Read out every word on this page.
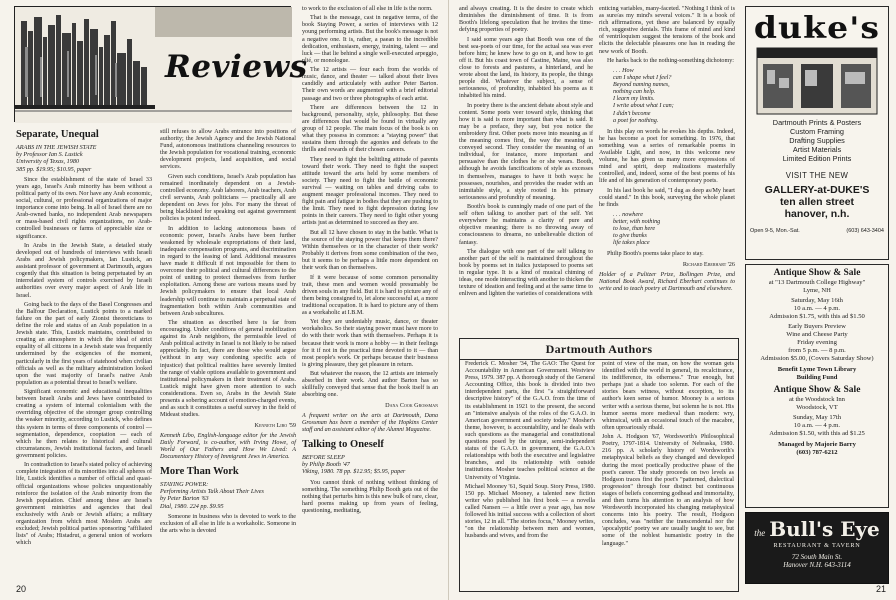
Reviews
Separate, Unequal

ARABS IN THE JEWISH STATE

by Professor Ian S. Lustick

University of Texas, 1980

385 pp. $19.95; $10.95, paper

Since the establishment of the state of Israel 33 years ago, Israel's Arab minority has been without a political party of its own. Nor have any Arab economic, social, cultural, or professional organizations of major importance come into being. In all of Israel there are no Arab-owned banks, no independent Arab newspapers or mass-based civil rights organizations, no Arab-controlled businesses or farms of appreciable size or significance.

In Arabs in the Jewish State, a detailed study developed out of hundreds of interviews with Israeli Arabs and Jewish policymakers, Ian Lustick, an assistant professor of government at Dartmouth, argues cogently that this situation is being perpetuated by an interrelated system of controls exercised by Israeli authorities over every major aspect of Arab life in Israel.

Going back to the days of the Basel Congresses and the Balfour Declaration, Lustick points to a marked failure on the part of early Zionist theoreticians to define the role and status of an Arab population in a Jewish state. This, Lustick maintains, contributed to creating an atmosphere in which the ideal of strict equality of all citizens in a Jewish state was frequently undermined by the exigencies of the moment, particularly in the first years of statehood when civilian officials as well as the military administration looked upon the vast majority of Israel's native Arab population as a potential threat to Israel's welfare.

Significant economic and educational inequalities between Israeli Arabs and Jews have contributed to creating a system of internal colonialism with the overriding objective of the stronger group controlling the weaker minority, according to Lustick, who defines this system in terms of three components of control — segmentation, dependence, cooptation — each of which he then relates to historical and cultural circumstances, Jewish institutional factors, and Israeli government policies.

In contradiction to Israel's stated policy of achieving complete integration of its minorities into all spheres of life, Lustick identifies a number of official and quasi-official organizations whose policies unquestionably reinforce the isolation of the Arab minority from the Jewish population. Chief among these are Israel's government ministries and agencies that deal exclusively with Arab or Jewish affairs; a military organization from which most Moslem Arabs are excluded; Jewish political parties sponsoring "affiliated lists" of Arabs; Histadrut, a general union of workers which

still refuses to allow Arabs entrance into positions of authority; the Jewish Agency and the Jewish National Fund, autonomous institutions channeling resources to the Jewish population for vocational training, economic development projects, land acquisition, and social services.

Given such conditions, Israel's Arab population has remained inordinately dependent on a Jewish-controlled economy. Arab laborers, Arab teachers, Arab civil servants, Arab politicians — practically all are dependent on Jews for jobs. For many the threat of being blacklisted for speaking out against government policies is potent indeed.

In addition to lacking autonomous bases of economic power, Israel's Arabs have been further weakened by wholesale expropriations of their land, inadequate compensation programs, and discrimination in regard to the leasing of land. Additional measures have made it difficult if not impossible for them to overcome their political and cultural differences to the point of uniting to protect themselves from further exploitation. Among these are various means used by Jewish policymakers to ensure that local Arab leadership will continue to maintain a perpetual state of fragmentation both within Arab communities and between Arab subcultures.

The situation as described here is far from encouraging. Under conditions of general mobilization against its Arab neighbors, the permissible level of Arab political activity in Israel is not likely to be raised appreciably. In fact, there are those who would argue (without in any way condoning specific acts of injustice) that political realities have severely limited the range of viable options available to government and institutional policymakers in their treatment of Arabs. Lustick might have given more attention to such considerations. Even so, Arabs in the Jewish State presents a sobering account of emotion-charged events, and as such it constitutes a useful survey in the field of Mideast studies.

Kenneth Libo '59

Kenneth Libo, English-language editor for the Jewish Daily Forward, is co-author, with Irving Howe, of World of Our Fathers and How We Lived: A Documentary History of Immigrant Jews in America.

More Than Work

STAYING POWER:

Performing Artists Talk About Their Lives

by Peter Barton '63

Dial, 1980. 224 pp. $9.95

Someone in business who is devoted to work to the exclusion of all else in life is a workaholic. Someone in the arts who is devoted

to work to the exclusion of all else in life is the norm.

That is the message, cast in negative terms, of the book Staying Power, a series of interviews with 12 young performing artists. But the book's message is not a negative one. It is, rather, a paean to the incredible dedication, enthusiasm, energy, training, talent — and luck — that lie behind a single well-executed arpeggio, plié, or monologue.

The 12 artists — four each from the worlds of music, dance, and theater — talked about their lives candidly and articulately with author Peter Barton. Their own words are augmented with a brief editorial passage and two or three photographs of each artist.

There are differences between the 12 in background, personality, style, philosophy. But these are differences that would be found in virtually any group of 12 people. The main focus of the book is on what they possess in common: a "staying power" that sustains them through the agonies and defeats to the thrills and rewards of their chosen careers.

They need to fight the belittling attitude of parents toward their work. They need to fight the suspect attitude toward the arts held by some members of society. They need to fight the battle of economic survival — waiting on tables and driving cabs to augment meager professional incomes. They need to fight pain and fatigue in bodies that they are pushing to the limit. They need to fight depression during low points in their careers. They need to fight other young artists just as determined to succeed as they are.

But all 12 have chosen to stay in the battle. What is the source of the staying power that keeps them there? Within themselves or in the character of their work? Probably it derives from some combination of the two, but it seems to be perhaps a little more dependent on their work than on themselves.

If it were because of some common personality trait, these men and women would presumably be driven souls in any field. But it is hard to picture any of them being consigned to, let alone successful at, a more traditional occupation. It is hard to picture any of them as a workaholic at I.B.M.

Yet they are undeniably music, dance, or theater workaholics. So their staying power must have more to do with their work than with themselves. Perhaps it is because their work is more a hobby — in their feelings for it if not in the practical time devoted to it — than most people's work. Or perhaps because their business is giving pleasure, they get pleasure in return.

But whatever the reason, the 12 artists are intensely absorbed in their work. And author Barton has so skillfully conveyed that sense that the book itself is an absorbing one.

Dana Cook Grossman

A frequent writer on the arts at Dartmouth, Dana Grossman has been a member of the Hopkins Center staff and an assistant editor of the Alumni Magazine.

Talking to Oneself

BEFORE SLEEP

by Philip Booth '47

Viking, 1980. 78 pp. $12.95; $5.95, paper

You cannot think of nothing without thinking of something. The something Philip Booth gets out of the nothing that perturbs him is this new bulk of rare, clear, hard poems making up from years of feeling, questioning, meditating,

20

and always creating. It is the desire to create which diminishes the diminishment of time. It is from Booth's lifelong speculation that he invites the time-defying properties of poetry.

I said some years ago that Booth was one of the best sea-poets of our time, for the actual sea was ever before him; he knew how to go on it, and how to get off it. But his coast town of Castine, Maine, was also close to forests and pastures, a hinterland, and he wrote about the land, its history, its people, the things people did. Whatever the subject, a sense of seriousness, of profundity, inhabited his poems as it inhabited his mind.

In poetry there is the ancient debate about style and content. Some poets veer toward style, thinking that how it is said is more important than what is said. It may be a preface, they say, but you notice the embroidery first. Other poets move into meaning as if the meaning comes first, the way the meaning is conveyed second. They consider the meaning of an individual, for instance, more important and persuasive than the clothes he or she wears. Booth, although he avoids fancifications of style as excesses in themselves, manages to have it both ways: he possesses, nourishes, and provides the reader with an inimitable style, a style rooted in his primary seriousness and profundity of meaning.

Booth's book is cunningly made of one part of the self often talking to another part of the self. Yet everywhere he maintains a clarity of pure and objective meaning; there is no throwing away of consciousness to dreams, no unbelievable diction of fantasy.

The dialogue with one part of the self talking to another part of the self is maintained throughout the book by poems set in italics juxtaposed to poems set in regular type. It is a kind of musical chiming of ideas, one mode interacting with another to thicken the texture of ideation and feeling and at the same time to enliven and lighten the varieties of considerations with

enticing variables, many-faceted. "Nothing I think of is as sure/as my mind's several voices." It is a book of rich affirmations, yet these are balanced by equally rich, suggestive denials. This frame of mind and kind of ventriloquism suggest the tensions of the book and elicits the delectable pleasures one has in reading the new work of Booth.

He harks back to the nothing-something dichotomy:

. . . How
can I shape what I feel?
Beyond naming names,
nothing can help.
I learn my limits.
I write about what I can;
I didn't become
a poet for nothing.

In this play on words he evokes his depths. Indeed, he has become a poet for something. In 1976, that something was a series of remarkable poems in Available Light, and now, in this welcome new volume, he has given us many more expressions of mind and spirit, deep realizations masterfully controlled, and, indeed, some of the best poems of his life and of his generation of contemporary poets.

In his last book he said, "I dug as deep as/My heart could stand." In this book, surveying the whole planet he finds

. . . nowhere
better, with nothing
to lose, than here
to give thanks
life takes place

Philip Booth's poems take place to stay.

Richard Eberhart '26

Holder of a Pulitzer Prize, Bollingen Prize, and National Book Award, Richard Eberhart continues to write and to teach poetry at Dartmouth and elsewhere.

Dartmouth Authors

Frederick C. Mosher '34, The GAO: The Quest for Accountability in American Government. Westview Press, 1979. 387 pp. A thorough study of the General Accounting Office, this book is divided into two interdependent parts, the first "a straightforward descriptive history" of the G.A.O. from the time of its establishment in 1921 to the present, the second an "intensive analysis of the roles of the G.A.O. in American government and society today." Mosher's theme, however, is accountability, and he deals with such questions as the managerial and constitutional questions posed by the unique, semi-independent status of the G.A.O. in government, the G.A.O.'s relationships with both the executive and legislative branches, and its relationship with outside institutions. Mosher teaches political science at the University of Virginia.

Michael Mooney '61, Squid Soup. Story Press, 1980. 150 pp. Michael Mooney, a talented new fiction writer who published his first book — a novella called Nansen — a little over a year ago, has now followed his initial success with a collection of short stories, 12 in all. "The stories focus," Mooney writes, "on the relationship between men and women, husbands and wives, and from the

point of view of the man, on how the woman gets identified with the world in general, its recalcitrance, its indifference, its otherness." True enough, but perhaps just a shade too solemn. For each of the stories bears witness, without exception, to its author's keen sense of humor. Mooney is a serious writer with a serious theme, but solemn he is not. His humor seems more medieval than modern: wry, whimsical, with an occasional touch of the macabre, often uproariously ribald.

John A. Hodgson '67, Wordsworth's Philosophical Poetry, 1797-1814. University of Nebraska, 1980. 216 pp. A scholarly history of Wordsworth's metaphysical beliefs as they changed and developed during the most poetically productive phase of the poet's career. The study proceeds on two levels as Hodgson traces first the poet's "patterned, dialectical progression" through four distinct but continuous stages of beliefs concerning godhead and immortality, and then turns his attention to an analysis of how Wordsworth incorporated his changing metaphysical concerns into his poetry. The result, Hodgson concludes, was "neither the transcendental nor the 'apocalyptic' poetry we are usually taught to see, but some of the noblest humanistic poetry in the language."

duke's
Dartmouth Prints & Posters
Custom Framing
Drafting Supplies
Artist Materials
Limited Edition Prints
VISIT THE NEW
GALLERY-at-DUKE'S
ten allen street
hanover, n.h.
Open 9-5, Mon.-Sat.	(603) 643-3404
Antique Show & Sale
at "13 Dartmouth College Highway"
Lyme, NH
Saturday, May 16th
10 a.m. — 4 p.m.
Admission $1.75, with this ad $1.50
Early Buyers Preview
Wine and Cheese Party
Friday evening
from 5 p.m. — 8 p.m.
Admission $5.00, (Covers Saturday Show)
Benefit Lyme Town Library
Building Fund
Antique Show & Sale
at the Woodstock Inn
Woodstock, VT
Sunday, May 17th
10 a.m. — 4 p.m.
Admission $1.50, with this ad $1.25
Managed by Majorie Barry
(603) 787-6212
the Bull's Eye
RESTAURANT & TAVERN
72 South Main St.
Hanover N.H. 643-3114
21
